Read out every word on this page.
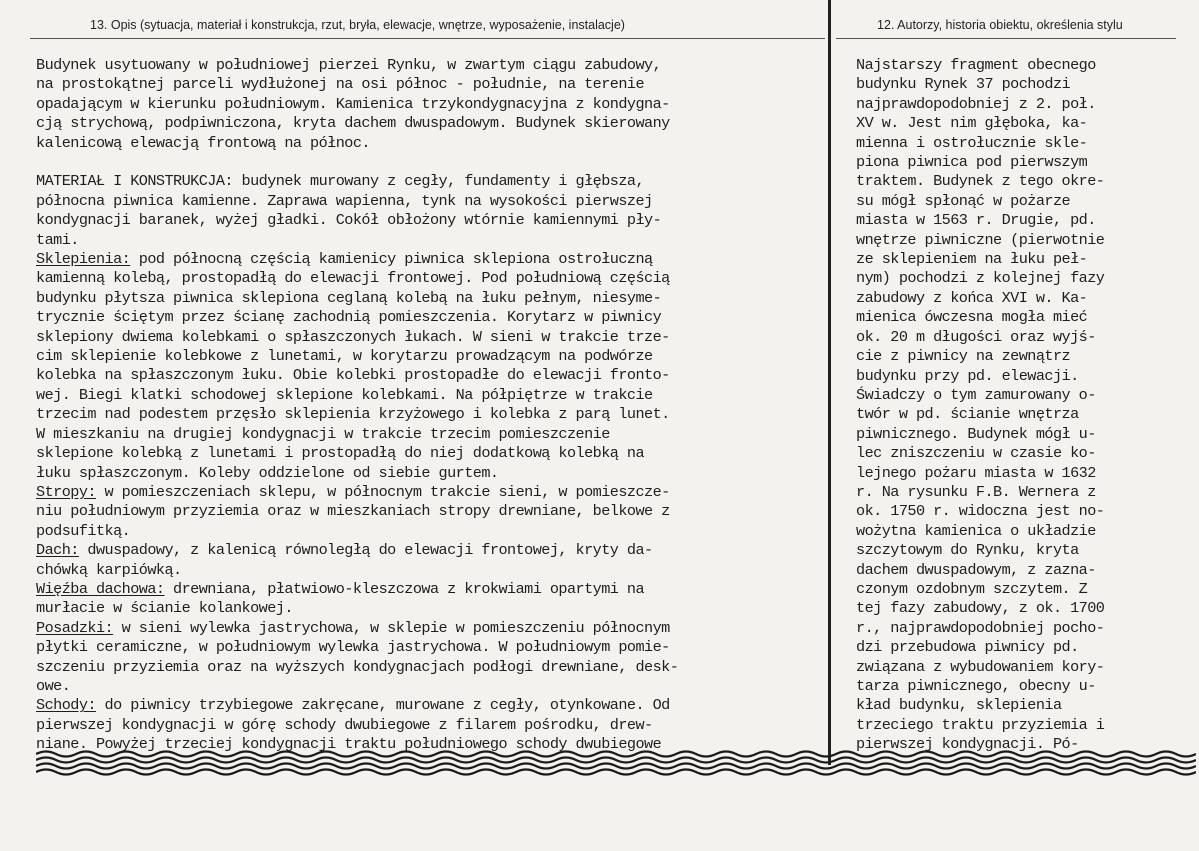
13. Opis (sytuacja, materiał i konstrukcja, rzut, bryła, elewacje, wnętrze, wyposażenie, instalacje)	12. Autorzy, historia obiektu, określenia stylu
Budynek usytuowany w południowej pierzei Rynku, w zwartym ciągu zabudowy,
na prostokątnej parceli wydłużonej na osi północ - południe, na terenie
opadającym w kierunku południowym. Kamienica trzykondygnacyjna z kondygna-
cją strychową, podpiwniczona, kryta dachem dwuspadowym. Budynek skierowany
kalenicową elewacją frontową na północ.
MATERIAŁ I KONSTRUKCJA: budynek murowany z cegły, fundamenty i głębsza,
północna piwnica kamienne. Zaprawa wapienna, tynk na wysokości pierwszej
kondygnacji baranek, wyżej gładki. Cokół obłożony wtórnie kamiennymi pły-
tami.
Sklepienia: pod północną częścią kamienicy piwnica sklepiona ostrołuczną
kamienną kolebą, prostopadłą do elewacji frontowej. Pod południową częścią
budynku płytsza piwnica sklepiona ceglaną kolebą na łuku pełnym, niesyme-
trycznie ściętym przez ścianę zachodnią pomieszczenia. Korytarz w piwnicy
sklepiony dwiema kolebkami o spłaszczonych łukach. W sieni w trakcie trze-
cim sklepienie kolebkowe z lunetami, w korytarzu prowadzącym na podwórze
kolebka na spłaszczonym łuku. Obie kolebki prostopadłe do elewacji fronto-
wej. Biegi klatki schodowej sklepione kolebkami. Na półpiętrze w trakcie
trzecim nad podestem przęsło sklepienia krzyżowego i kolebka z parą lunet.
W mieszkaniu na drugiej kondygnacji w trakcie trzecim pomieszczenie
sklepione kolebką z lunetami i prostopadłą do niej dodatkową kolebką na
łuku spłaszczonym. Koleby oddzielone od siebie gurtem.
Stropy: w pomieszczeniach sklepu, w północnym trakcie sieni, w pomieszcze-
niu południowym przyziemia oraz w mieszkaniach stropy drewniane, belkowe z
podsufitką.
Dach: dwuspadowy, z kalenicą równoległą do elewacji frontowej, kryty da-
chówką karpiówką.
Więźba dachowa: drewniana, płatwiowo-kleszczowa z krokwiami opartymi na
murłacie w ścianie kolankowej.
Posadzki: w sieni wylewka jastrychowa, w sklepie w pomieszczeniu północnym
płytki ceramiczne, w południowym wylewka jastrychowa. W południowym pomie-
szczeniu przyziemia oraz na wyższych kondygnacjach podłogi drewniane, desk-
owe.
Schody: do piwnicy trzybiegowe zakręcane, murowane z cegły, otynkowane. Od
pierwszej kondygnacji w górę schody dwubiegowe z filarem pośrodku, drew-
niane. Powyżej trzeciej kondygnacji traktu południowego schody dwubiegowe
Najstarszy fragment obecnego
budynku Rynek 37 pochodzi
najprawdopodobniej z 2. poł.
XV w. Jest nim głęboka, ka-
mienna i ostrołucznie skle-
piona piwnica pod pierwszym
traktem. Budynek z tego okre-
su mógł spłonąć w pożarze
miasta w 1563 r. Drugie, pd.
wnętrze piwniczne (pierwotnie
ze sklepieniem na łuku peł-
nym) pochodzi z kolejnej fazy
zabudowy z końca XVI w. Ka-
mienica ówczesna mogła mieć
ok. 20 m długości oraz wyjś-
cie z piwnicy na zewnątrz
budynku przy pd. elewacji.
Świadczy o tym zamurowany o-
twór w pd. ścianie wnętrza
piwnicznego. Budynek mógł u-
lec zniszczeniu w czasie ko-
lejnego pożaru miasta w 1632
r. Na rysunku F.B. Wernera z
ok. 1750 r. widoczna jest no-
wożytna kamienica o układzie
szczytowym do Rynku, kryta
dachem dwuspadowym, z zazna-
czonym ozdobnym szczytem. Z
tej fazy zabudowy, z ok. 1700
r., najprawdopodobniej pocho-
dzi przebudowa piwnicy pd.
związana z wybudowaniem kory-
tarza piwnicznego, obecny u-
kład budynku, sklepienia
trzeciego traktu przyziemia i
pierwszej kondygnacji. Pó-
